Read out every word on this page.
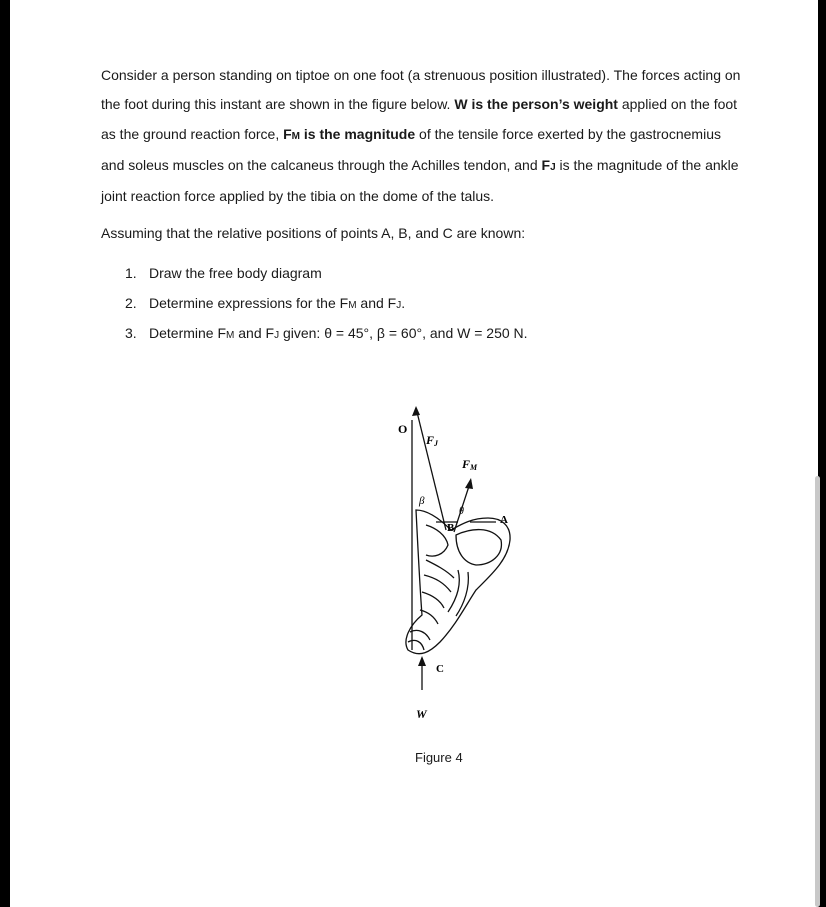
Consider a person standing on tiptoe on one foot (a strenuous position illustrated). The forces acting on the foot during this instant are shown in the figure below. W is the person’s weight applied on the foot as the ground reaction force, FM is the magnitude of the tensile force exerted by the gastrocnemius and soleus muscles on the calcaneus through the Achilles tendon, and FJ is the magnitude of the ankle joint reaction force applied by the tibia on the dome of the talus.

Assuming that the relative positions of points A, B, and C are known:

1. Draw the free body diagram
2. Determine expressions for the FM and FJ.
3. Determine FM and FJ given: θ = 45°, β = 60°, and W = 250 N.
O
FJ
FM
β
θ
A
B
C
W
Figure 4
